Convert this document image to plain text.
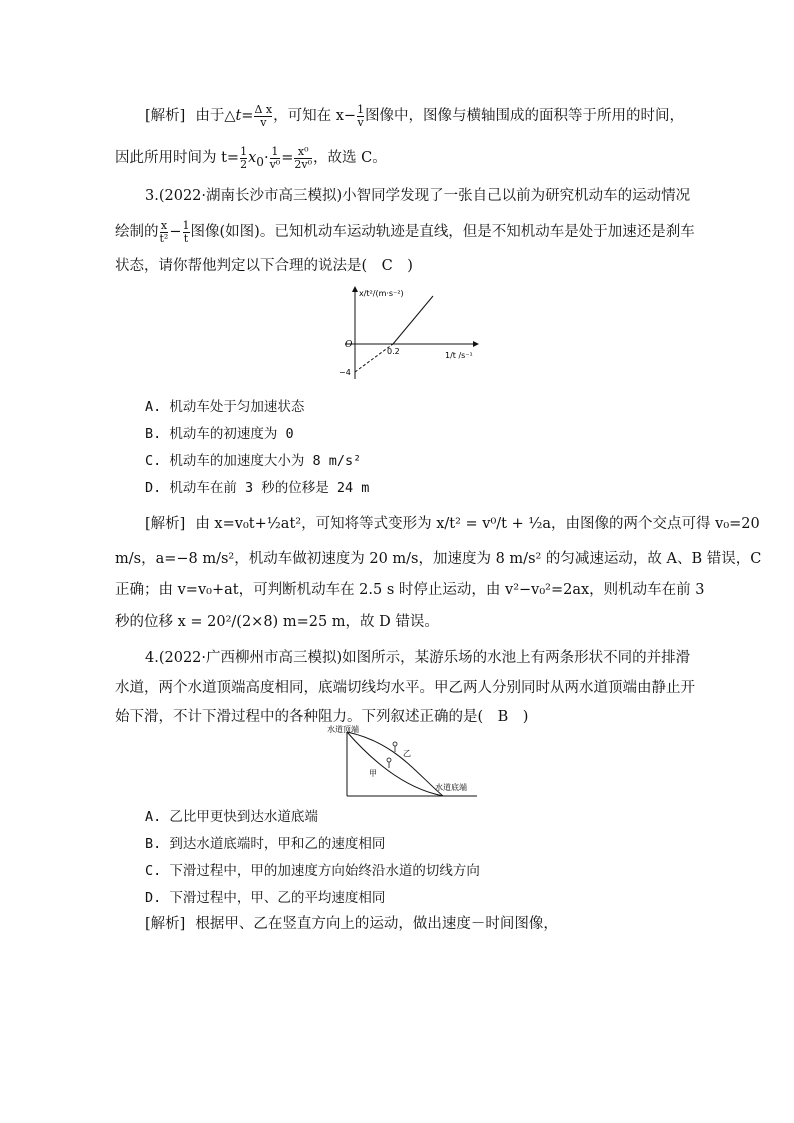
[解析] 由于△t= $\frac{\text{Δ x}}{v}$ ，可知在 $x- \frac{1}{v}$ 图像中，图像与横轴围成的面积等于所用的时间，
因此所用时间为 $t= \frac{1}{2} x_0\cdot \frac{1}{\text{v⁰}} = \frac{\text{x⁰}}{\text{2v⁰}}$ ，故选 C。
3.(2022·湖南长沙市高三模拟)小智同学发现了一张自己以前为研究机动车的运动情况
绘制的 $\frac{x}{\text{t²}} - \frac{1}{t}$ 图像(如图)。已知机动车运动轨迹是直线，但是不知机动车是处于加速还是刹车
状态，请你帮他判定以下合理的说法是(　C　)
x/t²/(m·s⁻²)
1/t /s⁻¹
O
0.2
−4
A. 机动车处于匀加速状态
B. 机动车的初速度为 0
C. 机动车的加速度大小为 8 m/s²
D. 机动车在前 3 秒的位移是 24 m
[解析] 由 x=v₀t+½at²，可知将等式变形为 x/t² = v⁰/t + ½a，由图像的两个交点可得 v₀=20
m/s，a=−8 m/s²，机动车做初速度为 20 m/s，加速度为 8 m/s² 的匀减速运动，故 A、B 错误，C
正确；由 v=v₀+at，可判断机动车在 2.5 s 时停止运动，由 v²−v₀²=2ax，则机动车在前 3
秒的位移 x = 20²/(2×8) m=25 m，故 D 错误。
4.(2022·广西柳州市高三模拟)如图所示，某游乐场的水池上有两条形状不同的并排滑
水道，两个水道顶端高度相同，底端切线均水平。甲乙两人分别同时从两水道顶端由静止开
始下滑，不计下滑过程中的各种阻力。下列叙述正确的是(　B　)
水道顶端
水道底端
甲
乙
A. 乙比甲更快到达水道底端
B. 到达水道底端时，甲和乙的速度相同
C. 下滑过程中，甲的加速度方向始终沿水道的切线方向
D. 下滑过程中，甲、乙的平均速度相同
[解析] 根据甲、乙在竖直方向上的运动，做出速度－时间图像，
